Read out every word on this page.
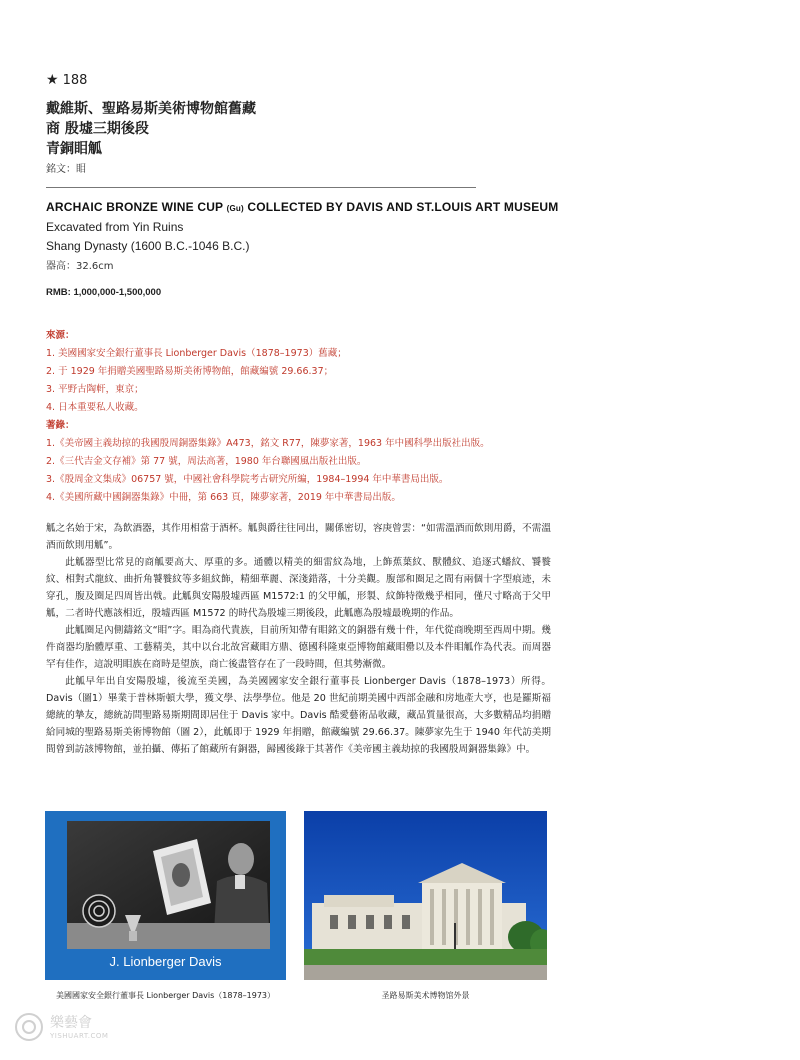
★ 188
戴維斯、聖路易斯美術博物館舊藏
商 殷墟三期後段
青銅䀠觚
銘文：䀠
ARCHAIC BRONZE WINE CUP (Gu) COLLECTED BY DAVIS AND ST.LOUIS ART MUSEUM
Excavated from Yin Ruins
Shang Dynasty (1600 B.C.-1046 B.C.)
器高：32.6cm
RMB: 1,000,000-1,500,000
來源：
1. 美國國家安全銀行董事長 Lionberger Davis（1878–1973）舊藏；
2. 于 1929 年捐贈美國聖路易斯美術博物館，館藏編號 29.66.37；
3. 平野古陶軒，東京；
4. 日本重要私人收藏。
著錄：
1.《美帝國主義劫掠的我國殷周銅器集錄》A473，銘文 R77，陳夢家著，1963 年中國科學出版社出版。
2.《三代吉金文存補》第 77 號，周法高著，1980 年台聯國風出版社出版。
3.《殷周金文集成》06757 號，中國社會科學院考古研究所編，1984–1994 年中華書局出版。
4.《美國所藏中國銅器集錄》中冊，第 663 頁，陳夢家著，2019 年中華書局出版。

觚之名始于宋，為飲酒器，其作用相當于酒杯。觚與爵往往同出，關係密切，容庚曾雲：“如需溫酒而飲則用爵，不需溫酒而飲則用觚”。

此觚器型比常見的商觚要高大、厚重的多。通體以精美的細雷紋為地，上飾蕉葉紋、獸體紋、追逐式蟠紋、饕餮紋、相對式龍紋、曲折角饕餮紋等多組紋飾，精細華麗、深淺錯落，十分美觀。腹部和圈足之間有兩個十字型痕迹，未穿孔，腹及圈足四周皆出戟。此觚與安陽殷墟西區 M1572:1 的父甲觚，形製、紋飾特徵幾乎相同，僅尺寸略高于父甲觚，二者時代應該相近，殷墟西區 M1572 的時代為殷墟三期後段，此觚應為殷墟最晚期的作品。

此觚圈足內側鑄銘文“䀠”字。䀠為商代貴族，目前所知帶有䀠銘文的銅器有幾十件，年代從商晚期至西周中期。幾件商器均胎體厚重、工藝精美，其中以台北故宮藏䀠方鼎、德國科隆東亞博物館藏䀠罍以及本件䀠觚作為代表。而周器罕有佳作，這說明䀠族在商時是望族，商亡後盡管存在了一段時間，但其勢漸微。

此觚早年出自安陽殷墟，後流至美國，為美國國家安全銀行董事長 Lionberger Davis（1878–1973）所得。Davis（圖1）畢業于普林斯頓大學，獲文學、法學學位。他是 20 世紀前期美國中西部金融和房地產大亨，也是羅斯福總統的摯友，總統訪問聖路易斯期間即居住于 Davis 家中。Davis 酷愛藝術品收藏，藏品質量很高，大多數精品均捐贈給同城的聖路易斯美術博物館（圖 2），此觚即于 1929 年捐贈，館藏編號 29.66.37。陳夢家先生于 1940 年代訪美期間曾到訪該博物館，並拍攝、傳拓了館藏所有銅器，歸國後錄于其著作《美帝國主義劫掠的我國殷周銅器集錄》中。

J. Lionberger Davis
美國國家安全銀行董事長 Lionberger Davis（1878–1973）	圣路易斯美术博物馆外景
樂藝會
YISHUART.COM
